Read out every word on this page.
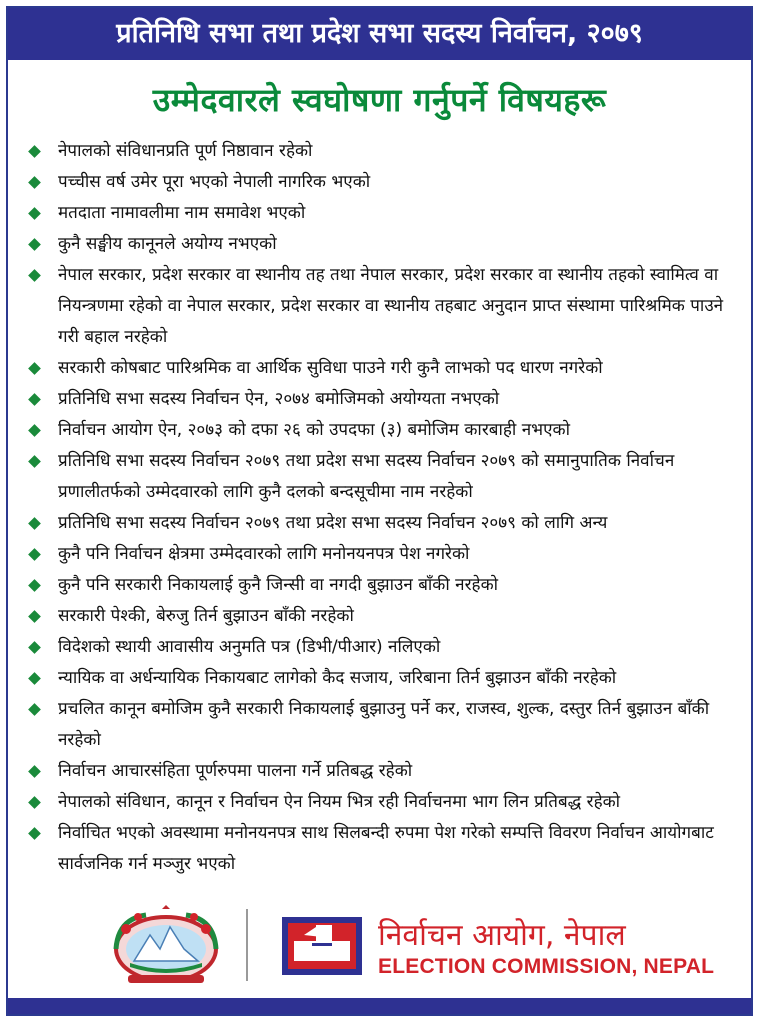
प्रतिनिधि सभा तथा प्रदेश सभा सदस्य निर्वाचन, २०७९
उम्मेदवारले स्वघोषणा गर्नुपर्ने विषयहरू
नेपालको संविधानप्रति पूर्ण निष्ठावान रहेको
पच्चीस वर्ष उमेर पूरा भएको नेपाली नागरिक भएको
मतदाता नामावलीमा नाम समावेश भएको
कुनै सङ्घीय कानूनले अयोग्य नभएको
नेपाल सरकार, प्रदेश सरकार वा स्थानीय तह तथा नेपाल सरकार, प्रदेश सरकार वा स्थानीय तहको स्वामित्व वा नियन्त्रणमा रहेको वा नेपाल सरकार, प्रदेश सरकार वा स्थानीय तहबाट अनुदान प्राप्त संस्थामा पारिश्रमिक पाउने गरी बहाल नरहेको
सरकारी कोषबाट पारिश्रमिक वा आर्थिक सुविधा पाउने गरी कुनै लाभको पद धारण नगरेको
प्रतिनिधि सभा सदस्य निर्वाचन ऐन, २०७४ बमोजिमको अयोग्यता नभएको
निर्वाचन आयोग ऐन, २०७३ को दफा २६ को उपदफा (३) बमोजिम कारबाही नभएको
प्रतिनिधि सभा सदस्य निर्वाचन २०७९ तथा प्रदेश सभा सदस्य निर्वाचन २०७९ को समानुपातिक निर्वाचन प्रणालीतर्फको उम्मेदवारको लागि कुनै दलको बन्दसूचीमा नाम नरहेको
प्रतिनिधि सभा सदस्य निर्वाचन २०७९ तथा प्रदेश सभा सदस्य निर्वाचन २०७९ को लागि अन्य
कुनै पनि निर्वाचन क्षेत्रमा उम्मेदवारको लागि मनोनयनपत्र पेश नगरेको
कुनै पनि सरकारी निकायलाई कुनै जिन्सी वा नगदी बुझाउन बाँकी नरहेको
सरकारी पेश्की, बेरुजु तिर्न बुझाउन बाँकी नरहेको
विदेशको स्थायी आवासीय अनुमति पत्र (डिभी/पीआर) नलिएको
न्यायिक वा अर्धन्यायिक निकायबाट लागेको कैद सजाय, जरिबाना तिर्न बुझाउन बाँकी नरहेको
प्रचलित कानून बमोजिम कुनै सरकारी निकायलाई बुझाउनु पर्ने कर, राजस्व, शुल्क, दस्तुर तिर्न बुझाउन बाँकी नरहेको
निर्वाचन आचारसंहिता पूर्णरुपमा पालना गर्ने प्रतिबद्ध रहेको
नेपालको संविधान, कानून र निर्वाचन ऐन नियम भित्र रही निर्वाचनमा भाग लिन प्रतिबद्ध रहेको
निर्वाचित भएको अवस्थामा मनोनयनपत्र साथ सिलबन्दी रुपमा पेश गरेको सम्पत्ति विवरण निर्वाचन आयोगबाट सार्वजनिक गर्न मञ्जुर भएको
निर्वाचन आयोग, नेपाल
ELECTION COMMISSION, NEPAL
